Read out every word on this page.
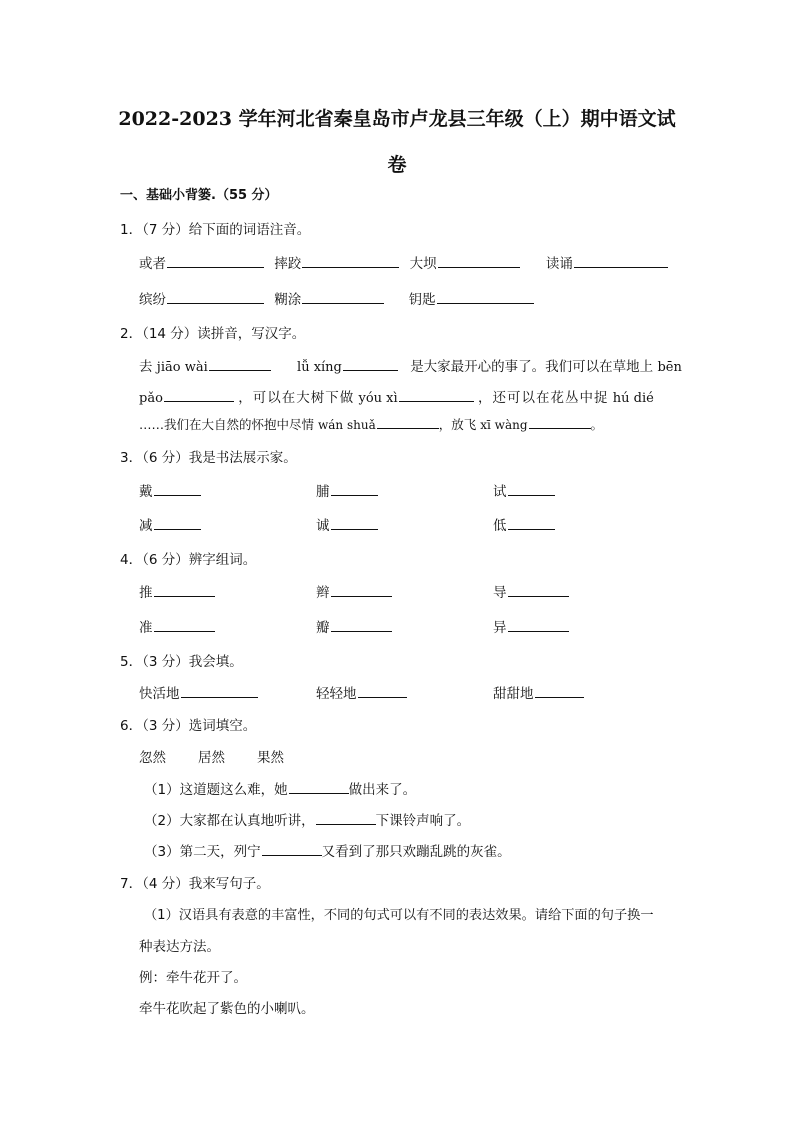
2022-2023 学年河北省秦皇岛市卢龙县三年级（上）期中语文试
卷
一、基础小背篓.（55 分）
1．（7 分）给下面的词语注音。
或者	摔跤	大坝	读诵
缤纷	糊涂	钥匙
2．（14 分）读拼音，写汉字。
去 jiāo wài	lǚ xíng	是大家最开心的事了。我们可以在草地上 bēn
pǎo	，可以在大树下做 yóu xì	，还可以在花丛中捉 hú dié
……我们在大自然的怀抱中尽情 wán shuǎ	，放飞 xī wàng	。
3．（6 分）我是书法展示家。
戴	脯	试
减	诚	低
4．（6 分）辨字组词。
推	辫	导
准	瓣	异
5．（3 分）我会填。
快活地	轻轻地	甜甜地
6．（3 分）选词填空。
忽然 居然 果然
（1）这道题这么难，她	做出来了。
（2）大家都在认真地听讲，	下课铃声响了。
（3）第二天，列宁	又看到了那只欢蹦乱跳的灰雀。
7．（4 分）我来写句子。
（1）汉语具有表意的丰富性，不同的句式可以有不同的表达效果。请给下面的句子换一
种表达方法。
例：牵牛花开了。
牵牛花吹起了紫色的小喇叭。
